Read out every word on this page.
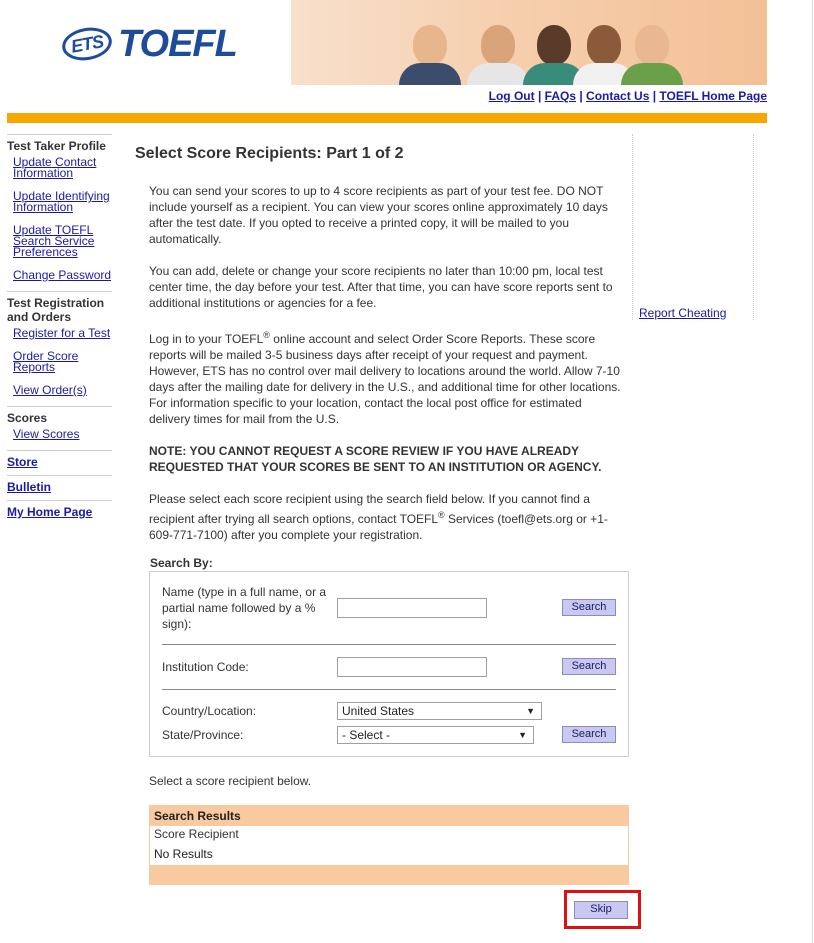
ETS TOEFL
Log Out | FAQs | Contact Us | TOEFL Home Page
Test Taker Profile
Update Contact Information
Update Identifying Information
Update TOEFL Search Service Preferences
Change Password
Test Registration and Orders
Register for a Test
Order Score Reports
View Order(s)
Scores
View Scores
Store
Bulletin
My Home Page
Select Score Recipients: Part 1 of 2

You can send your scores to up to 4 score recipients as part of your test fee. DO NOT include yourself as a recipient. You can view your scores online approximately 10 days after the test date. If you opted to receive a printed copy, it will be mailed to you automatically.

You can add, delete or change your score recipients no later than 10:00 pm, local test center time, the day before your test. After that time, you can have score reports sent to additional institutions or agencies for a fee.

Log in to your TOEFL® online account and select Order Score Reports. These score reports will be mailed 3-5 business days after receipt of your request and payment. However, ETS has no control over mail delivery to locations around the world. Allow 7-10 days after the mailing date for delivery in the U.S., and additional time for other locations. For information specific to your location, contact the local post office for estimated delivery times for mail from the U.S.

NOTE: YOU CANNOT REQUEST A SCORE REVIEW IF YOU HAVE ALREADY REQUESTED THAT YOUR SCORES BE SENT TO AN INSTITUTION OR AGENCY.

Please select each score recipient using the search field below. If you cannot find a recipient after trying all search options, contact TOEFL® Services (toefl@ets.org or +1-609-771-7100) after you complete your registration.

Search By:
Name (type in a full name, or a partial name followed by a % sign):
Search
Institution Code:	Search
Country/Location:	United States	▼
State/Province:	- Select -	▼	Search
Select a score recipient below.
Search Results
Score Recipient
No Results
Skip
Report Cheating
